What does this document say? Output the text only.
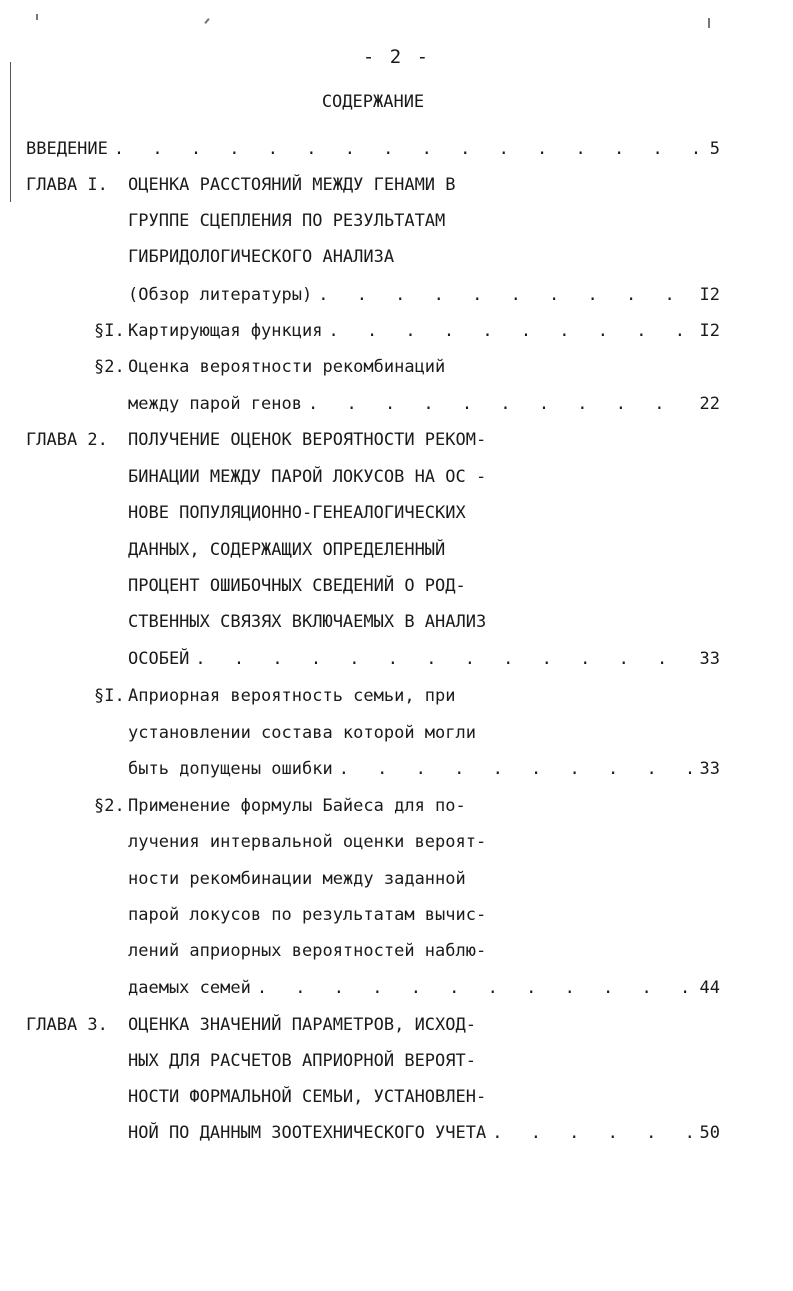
- 2 -
СОДЕРЖАНИЕ
ВВЕДЕНИЕ . . .	5
ГЛАВА I. ОЦЕНКА РАССТОЯНИЙ МЕЖДУ ГЕНАМИ В
ГРУППЕ СЦЕПЛЕНИЯ ПО РЕЗУЛЬТАТАМ
ГИБРИДОЛОГИЧЕСКОГО АНАЛИЗА
(Обзор литературы) . . .	I2
§I. Картирующая функция . . .	I2
§2. Оценка вероятности рекомбинаций
между парой генов . . .	22
ГЛАВА 2. ПОЛУЧЕНИЕ ОЦЕНОК ВЕРОЯТНОСТИ РЕКОМ-
БИНАЦИИ МЕЖДУ ПАРОЙ ЛОКУСОВ НА ОС -
НОВЕ ПОПУЛЯЦИОННО-ГЕНЕАЛОГИЧЕСКИХ
ДАННЫХ, СОДЕРЖАЩИХ ОПРЕДЕЛЕННЫЙ
ПРОЦЕНТ ОШИБОЧНЫХ СВЕДЕНИЙ О РОД-
СТВЕННЫХ СВЯЗЯХ ВКЛЮЧАЕМЫХ В АНАЛИЗ
ОСОБЕЙ . . .	33
§I. Априорная вероятность семьи, при
установлении состава которой могли
быть допущены ошибки . . .	33
§2. Применение формулы Байеса для по-
лучения интервальной оценки вероят-
ности рекомбинации между заданной
парой локусов по результатам вычис-
лений априорных вероятностей наблю-
даемых семей . . .	44
ГЛАВА 3. ОЦЕНКА ЗНАЧЕНИЙ ПАРАМЕТРОВ, ИСХОД-
НЫХ ДЛЯ РАСЧЕТОВ АПРИОРНОЙ ВЕРОЯТ-
НОСТИ ФОРМАЛЬНОЙ СЕМЬИ, УСТАНОВЛЕН-
НОЙ ПО ДАННЫМ ЗООТЕХНИЧЕСКОГО УЧЕТА . . .	50
